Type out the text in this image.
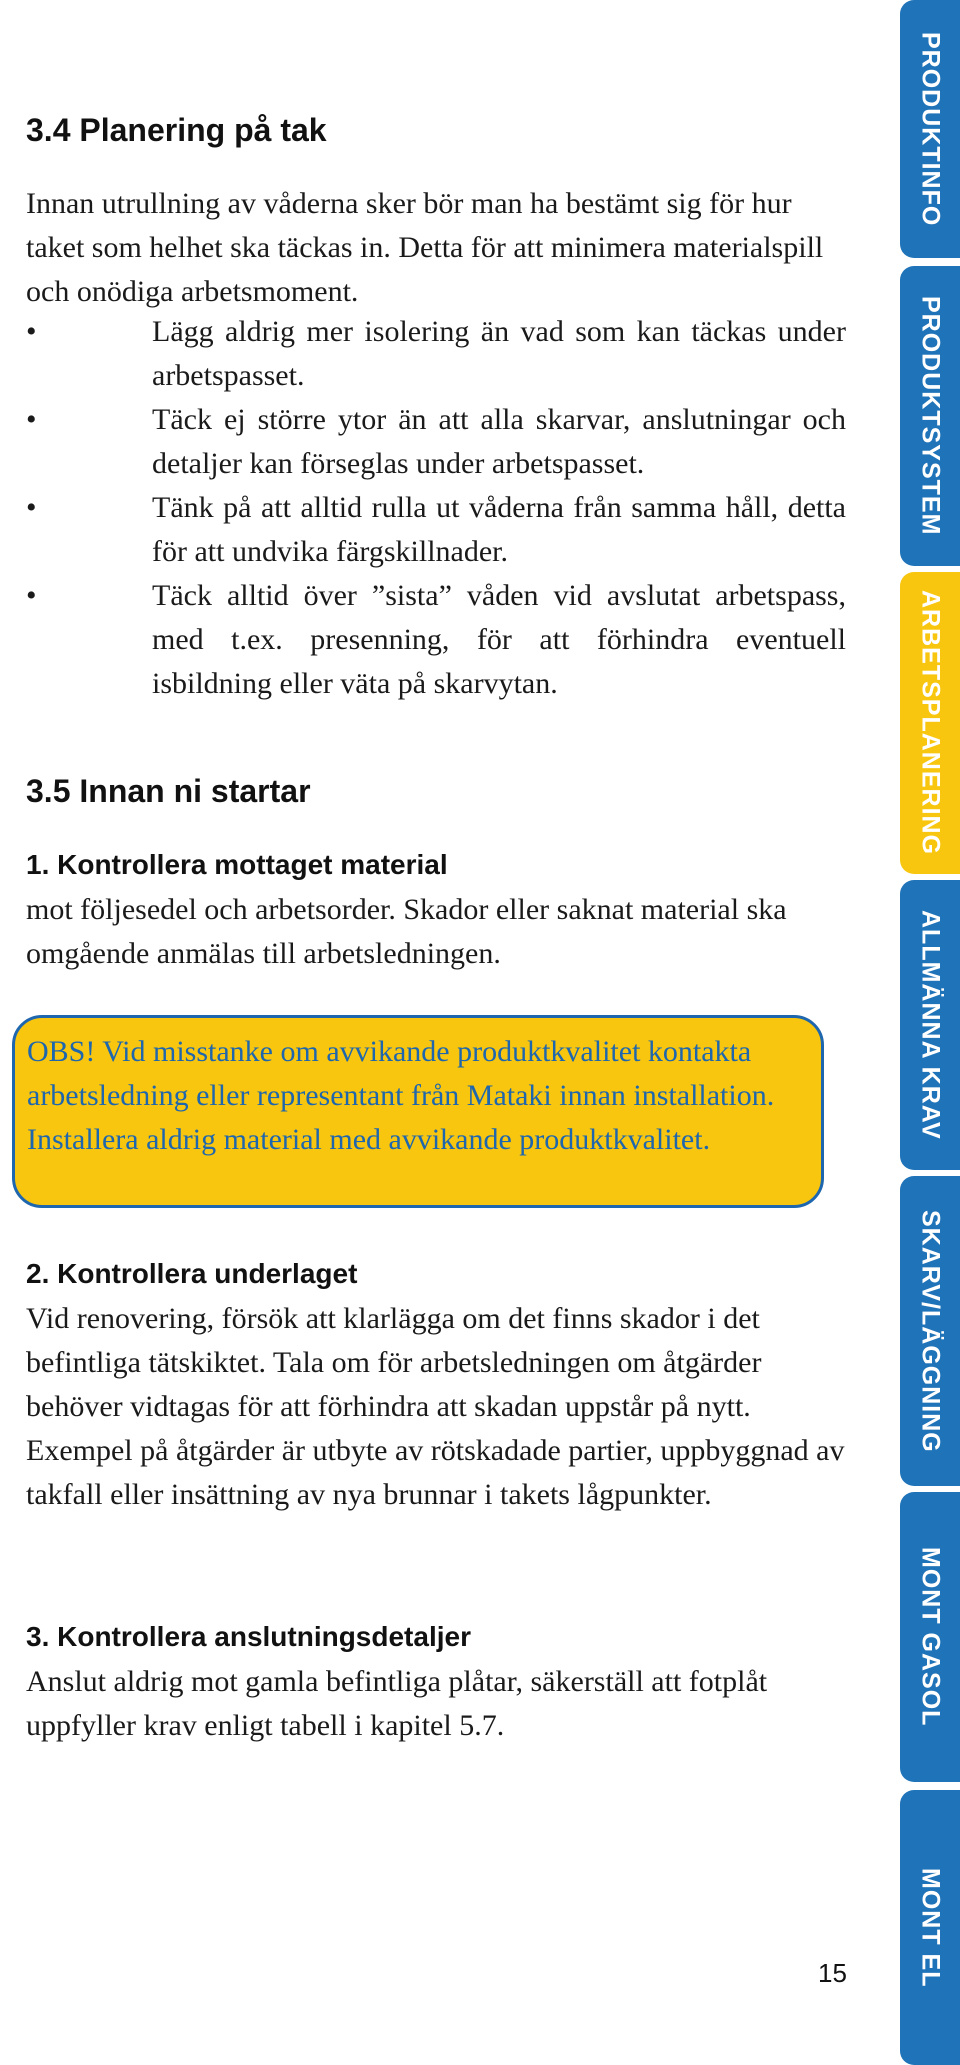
3.4 Planering på tak

Innan utrullning av våderna sker bör man ha bestämt sig för hur taket som helhet ska täckas in. Detta för att minimera materialspill och onödiga arbetsmoment.

•	Lägg aldrig mer isolering än vad som kan täckas under arbetspasset.
•	Täck ej större ytor än att alla skarvar, anslutningar och detaljer kan förseglas under arbetspasset.
•	Tänk på att alltid rulla ut våderna från samma håll, detta för att undvika färgskillnader.
•	Täck alltid över ”sista” våden vid avslutat arbetspass, med t.ex. presenning, för att förhindra eventuell isbildning eller väta på skarvytan.
3.5 Innan ni startar
1. Kontrollera mottaget material

mot följesedel och arbetsorder. Skador eller saknat material ska omgående anmälas till arbetsledningen.

OBS! Vid misstanke om avvikande produktkvalitet kontakta arbetsledning eller representant från Mataki innan installation. Installera aldrig material med avvikande produktkvalitet.

2. Kontrollera underlaget

Vid renovering, försök att klarlägga om det finns skador i det befintliga tätskiktet. Tala om för arbetsledningen om åtgärder behöver vidtagas för att förhindra att skadan uppstår på nytt. Exempel på åtgärder är utbyte av rötskadade partier, uppbyggnad av takfall eller insättning av nya brunnar i takets lågpunkter.

3. Kontrollera anslutningsdetaljer

Anslut aldrig mot gamla befintliga plåtar, säkerställ att fotplåt uppfyller krav enligt tabell i kapitel 5.7.

15
PRODUKTINFO
PRODUKTSYSTEM
ARBETSPLANERING
ALLMÄNNA KRAV
SKARV/LÄGGNING
MONT GASOL
MONT EL
